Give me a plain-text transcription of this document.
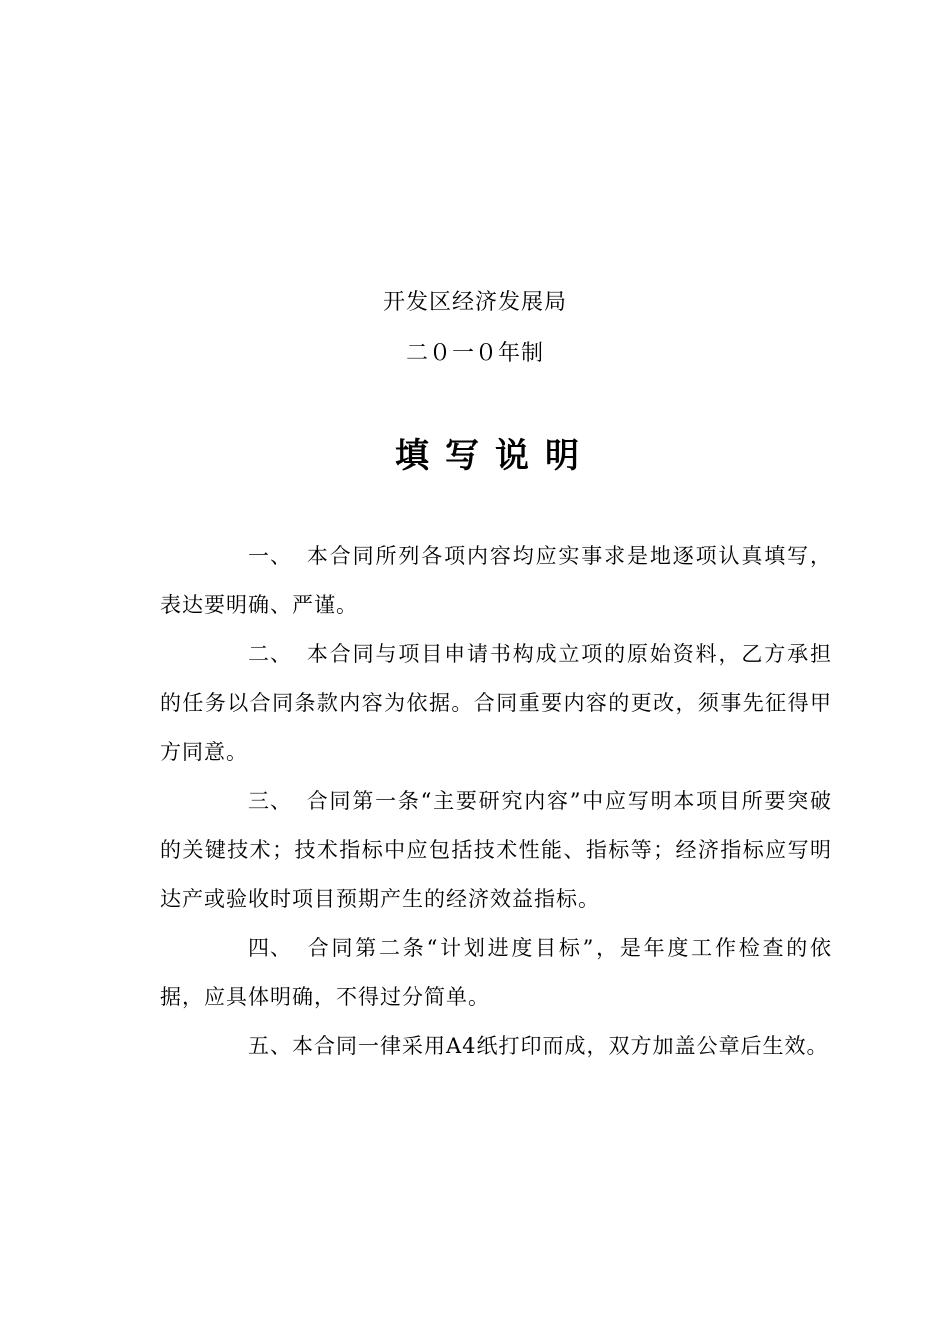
开发区经济发展局
二０一０年制
填写说明

一、 本合同所列各项内容均应实事求是地逐项认真填写，表达要明确、严谨。

二、 本合同与项目申请书构成立项的原始资料，乙方承担的任务以合同条款内容为依据。合同重要内容的更改，须事先征得甲方同意。

三、 合同第一条“主要研究内容”中应写明本项目所要突破的关键技术；技术指标中应包括技术性能、指标等；经济指标应写明达产或验收时项目预期产生的经济效益指标。

四、 合同第二条“计划进度目标”，是年度工作检查的依据，应具体明确，不得过分简单。

五、本合同一律采用A4纸打印而成，双方加盖公章后生效。
